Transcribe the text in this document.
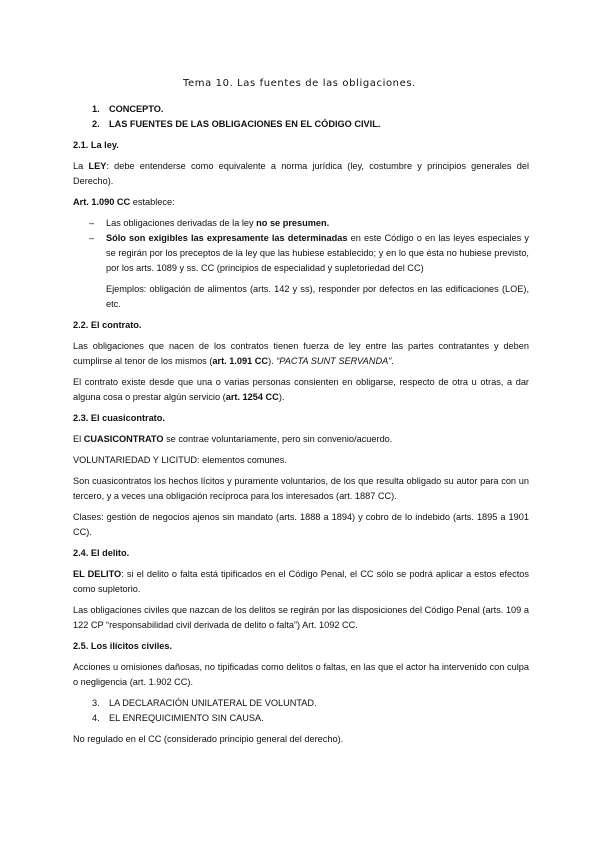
Tema 10. Las fuentes de las obligaciones.
1.	CONCEPTO.
2.	LAS FUENTES DE LAS OBLIGACIONES EN EL CÓDIGO CIVIL.
2.1. La ley.

La LEY: debe entenderse como equivalente a norma jurídica (ley, costumbre y principios generales del Derecho).

Art. 1.090 CC establece:

–	Las obligaciones derivadas de la ley no se presumen.
–	Sólo son exigibles las expresamente las determinadas en este Código o en las leyes especiales y se regirán por los preceptos de la ley que las hubiese establecido; y en lo que ésta no hubiese previsto, por los arts. 1089 y ss. CC (principios de especialidad y supletoriedad del CC)

Ejemplos: obligación de alimentos (arts. 142 y ss), responder por defectos en las edificaciones (LOE), etc.

2.2. El contrato.

Las obligaciones que nacen de los contratos tienen fuerza de ley entre las partes contratantes y deben cumplirse al tenor de los mismos (art. 1.091 CC). “PACTA SUNT SERVANDA”.

El contrato existe desde que una o varias personas consienten en obligarse, respecto de otra u otras, a dar alguna cosa o prestar algún servicio (art. 1254 CC).

2.3. El cuasicontrato.

El CUASICONTRATO se contrae voluntariamente, pero sin convenio/acuerdo.

VOLUNTARIEDAD Y LICITUD: elementos comunes.

Son cuasicontratos los hechos lícitos y puramente voluntarios, de los que resulta obligado su autor para con un tercero, y a veces una obligación recíproca para los interesados (art. 1887 CC).

Clases: gestión de negocios ajenos sin mandato (arts. 1888 a 1894) y cobro de lo indebido (arts. 1895 a 1901 CC).

2.4. El delito.

EL DELITO: si el delito o falta está tipificados en el Código Penal, el CC sólo se podrá aplicar a estos efectos como supletorio.

Las obligaciones civiles que nazcan de los delitos se regirán por las disposiciones del Código Penal (arts. 109 a 122 CP “responsabilidad civil derivada de delito o falta”) Art. 1092 CC.

2.5. Los ilícitos civiles.

Acciones u omisiones dañosas, no tipificadas como delitos o faltas, en las que el actor ha intervenido con culpa o negligencia (art. 1.902 CC).

3.	LA DECLARACIÓN UNILATERAL DE VOLUNTAD.
4.	EL ENREQUICIMIENTO SIN CAUSA.

No regulado en el CC (considerado principio general del derecho).
